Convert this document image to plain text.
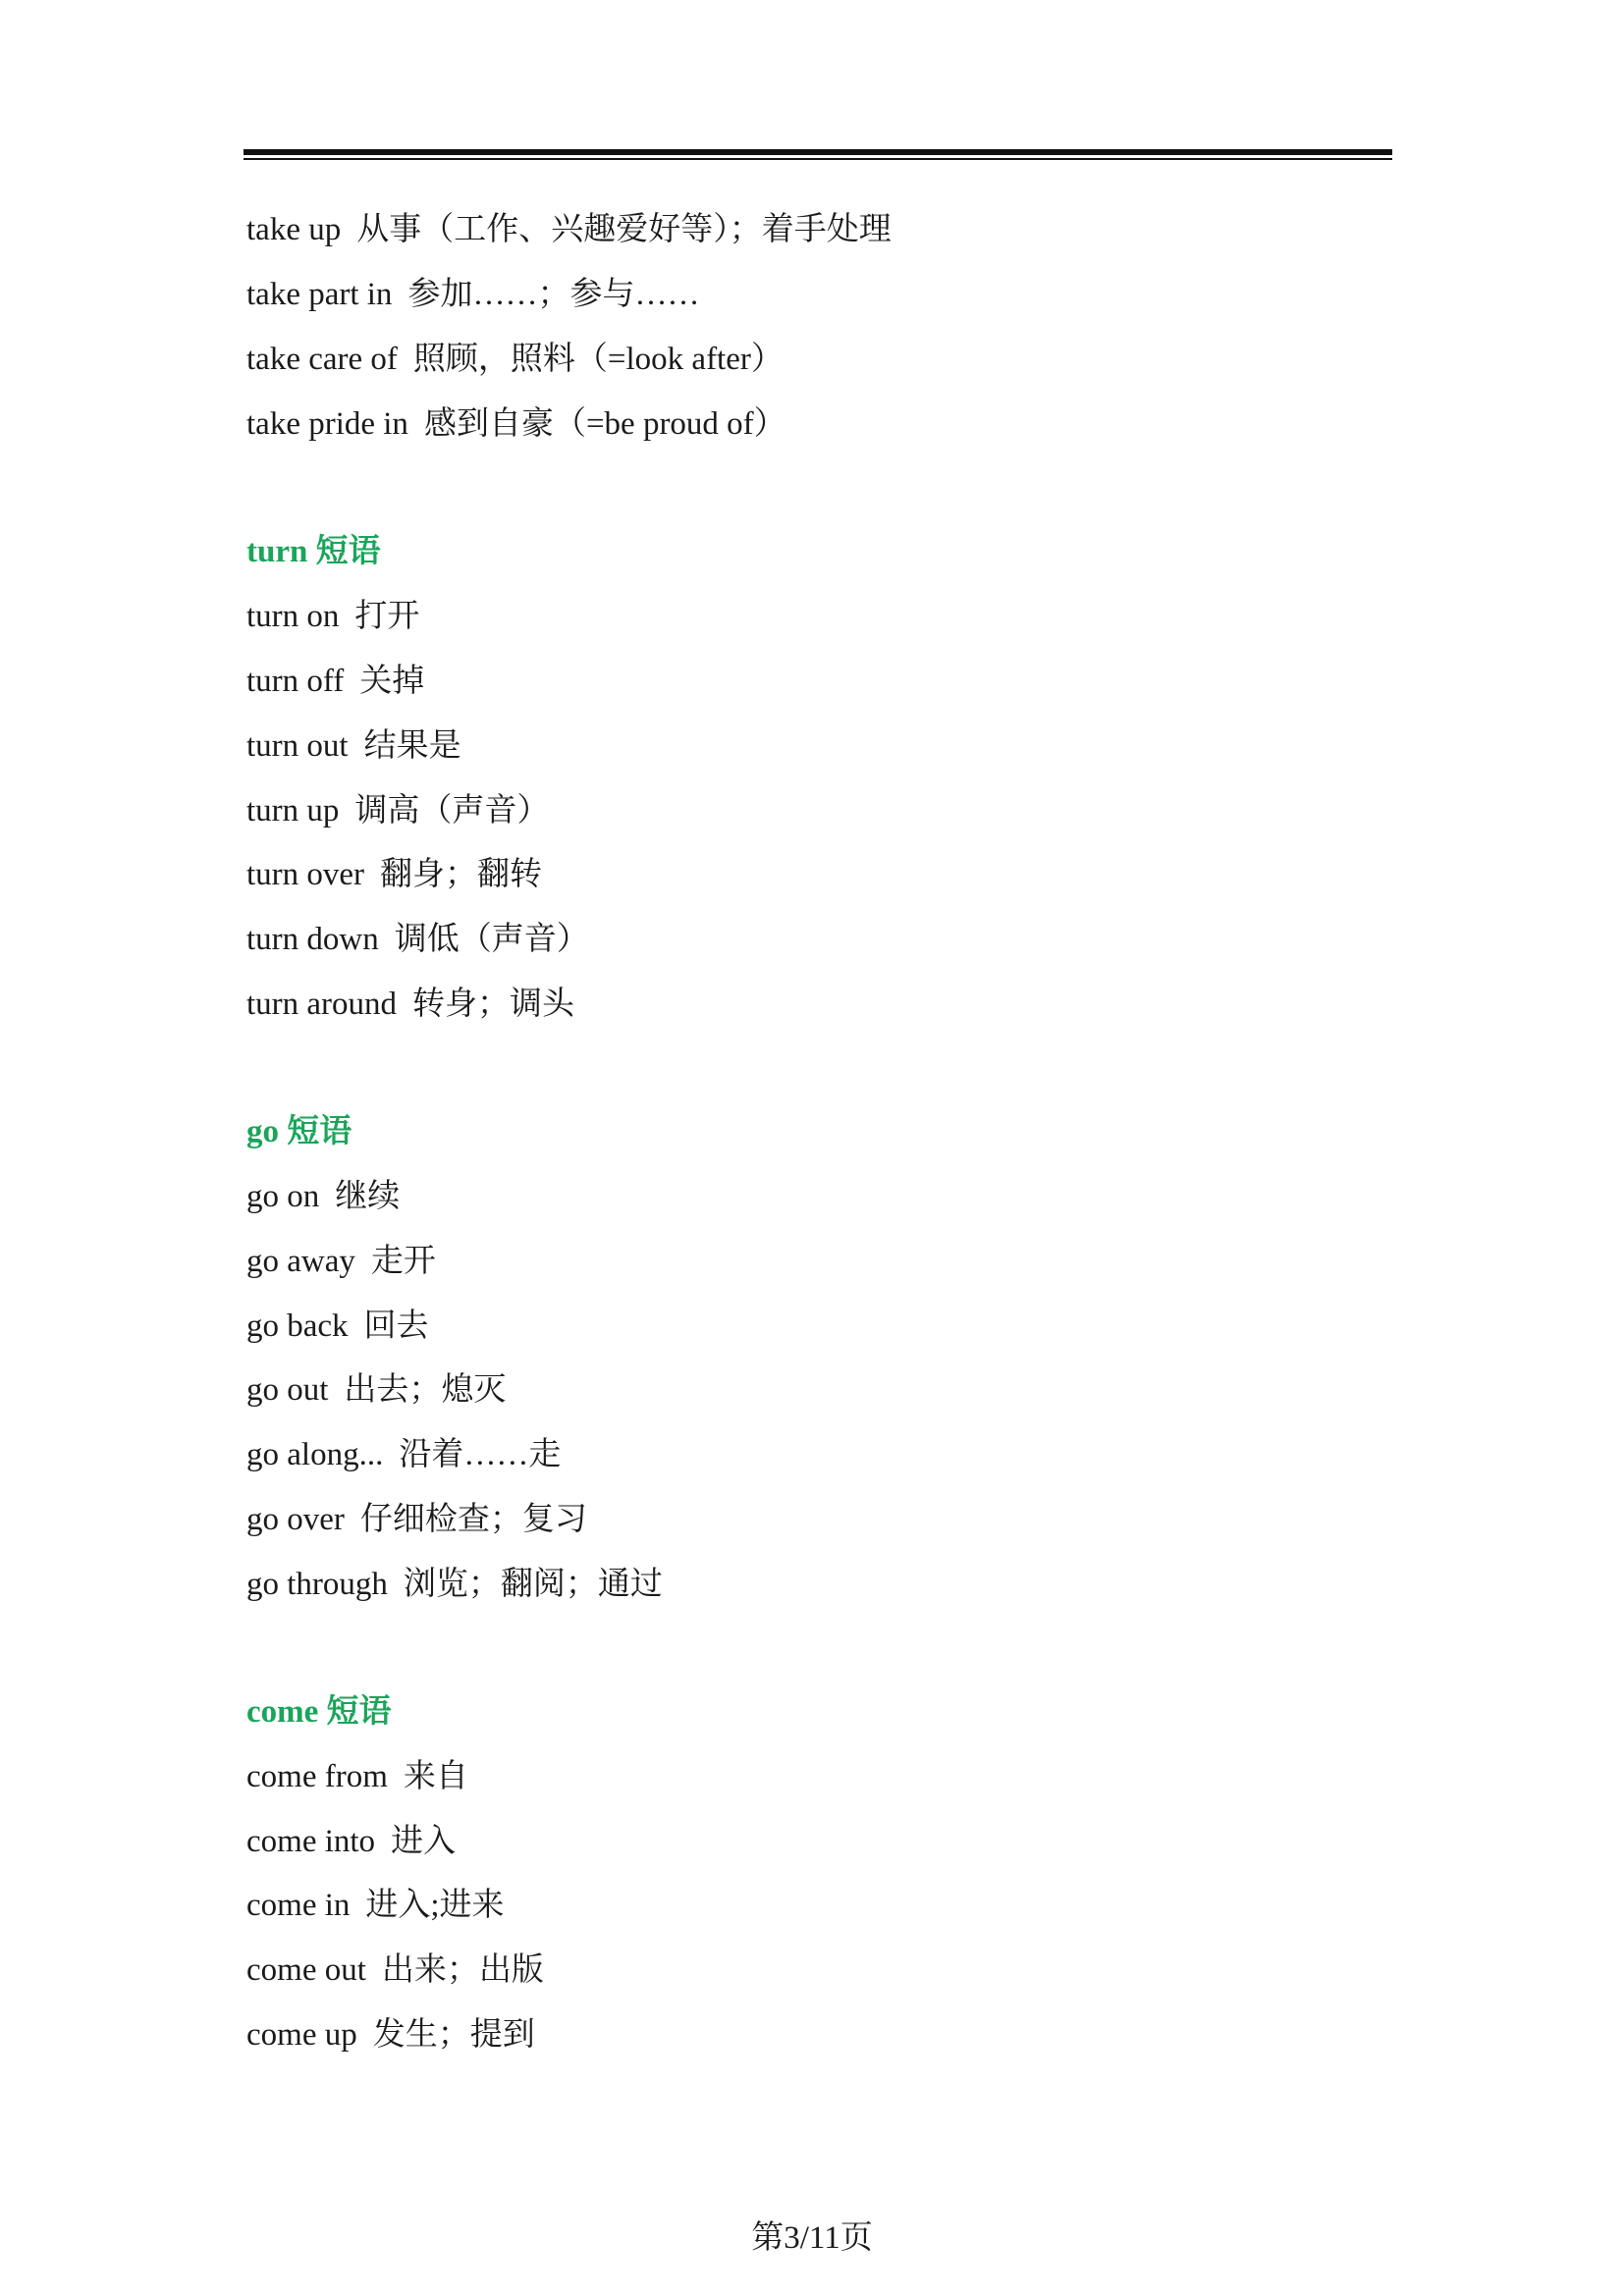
take up 从事（工作、兴趣爱好等）；着手处理
take part in 参加……；参与……
take care of 照顾，照料（=look after）
take pride in 感到自豪（=be proud of）
turn 短语
turn on 打开
turn off 关掉
turn out 结果是
turn up 调高（声音）
turn over 翻身；翻转
turn down 调低（声音）
turn around 转身；调头
go 短语
go on 继续
go away 走开
go back 回去
go out 出去；熄灭
go along... 沿着……走
go over 仔细检查；复习
go through 浏览；翻阅；通过
come 短语
come from 来自
come into 进入
come in 进入;进来
come out 出来；出版
come up 发生；提到
第3/11页
